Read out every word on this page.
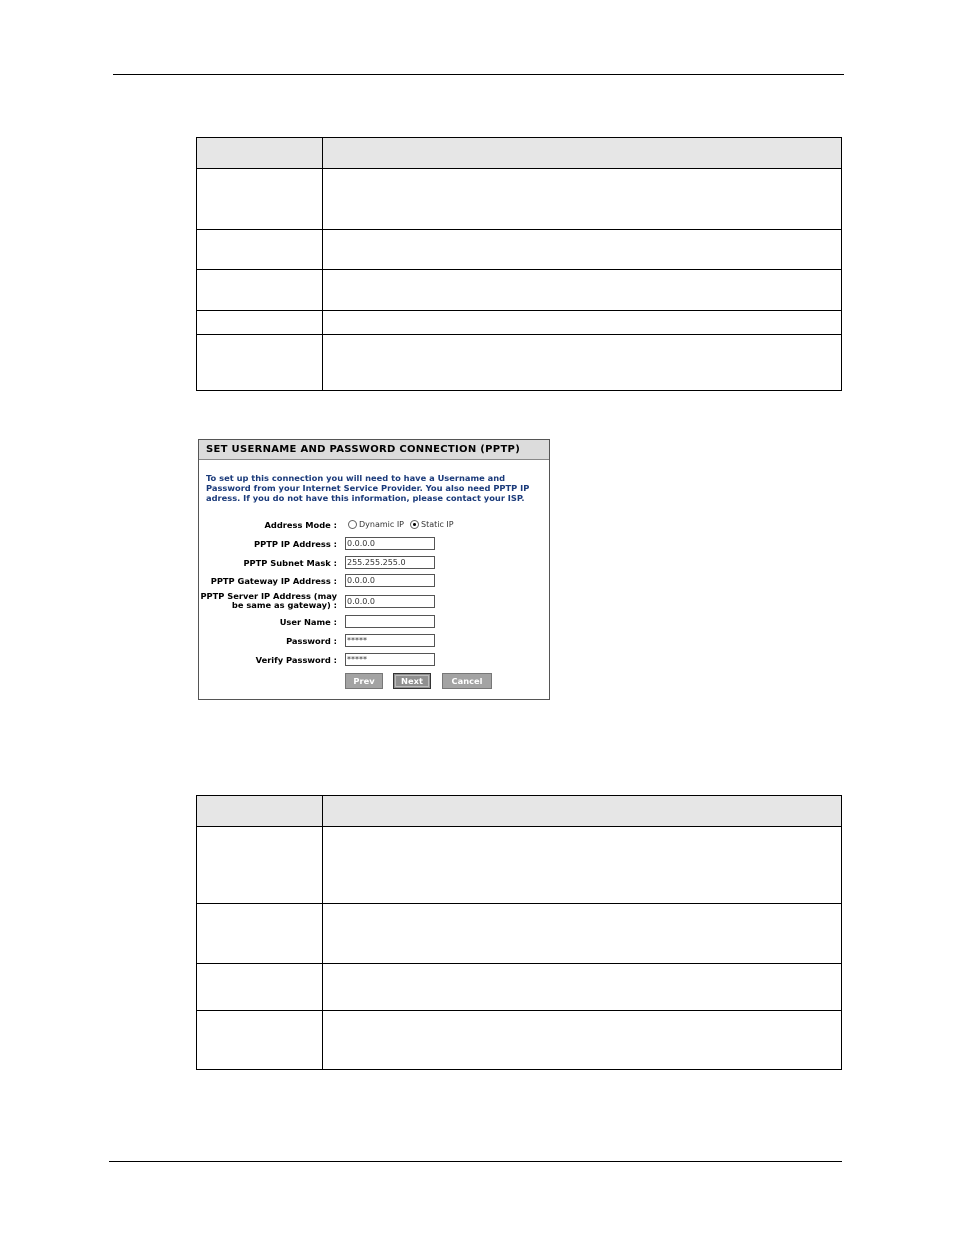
SET USERNAME AND PASSWORD CONNECTION (PPTP)
To set up this connection you will need to have a Username and Password from your Internet Service Provider. You also need PPTP IP adress. If you do not have this information, please contact your ISP.
Address Mode :	Dynamic IP	Static IP
PPTP IP Address : 0.0.0.0
PPTP Subnet Mask : 255.255.255.0
PPTP Gateway IP Address : 0.0.0.0
PPTP Server IP Address (may
be same as gateway) : 0.0.0.0
User Name :
Password : *****
Verify Password : *****
Prev	Next	Cancel
